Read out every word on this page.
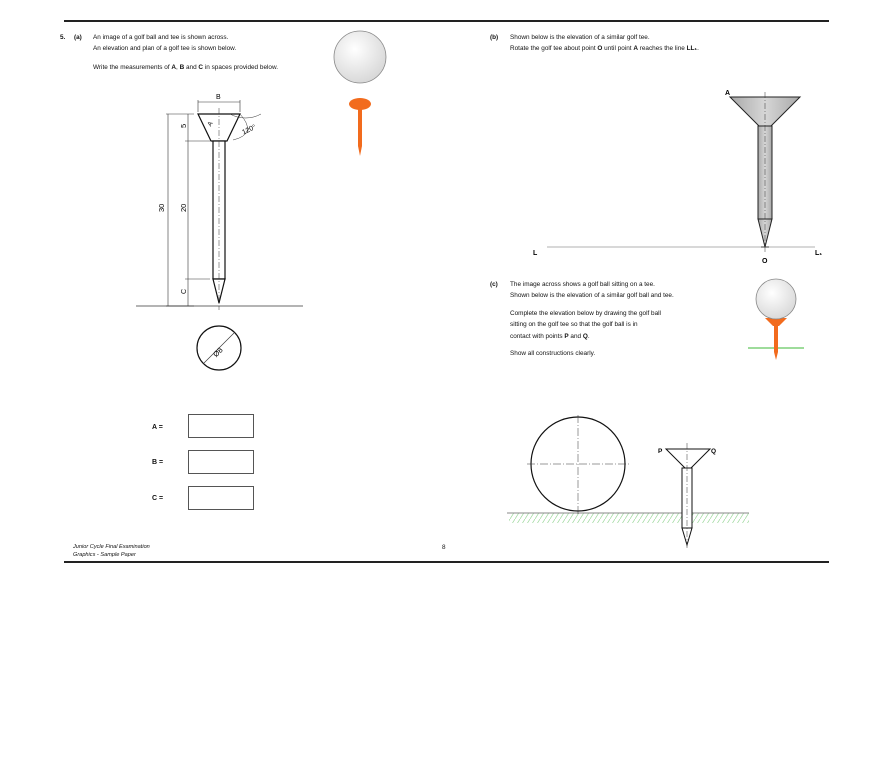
5. (a) An image of a golf ball and tee is shown across.
An elevation and plan of a golf tee is shown below.
Write the measurements of A, B and C in spaces provided below.
B
A	120°
30
5
20
C
Ø8
A =
B =
C =
(b) Shown below is the elevation of a similar golf tee.
Rotate the golf tee about point O until point A reaches the line LL₁.
L	L₁
A
O
(c) The image across shows a golf ball sitting on a tee.
Shown below is the elevation of a similar golf ball and tee.
Complete the elevation below by drawing the golf ball
sitting on the golf tee so that the golf ball is in
contact with points P and Q.
Show all constructions clearly.
P	Q
Junior Cycle Final Examination
Graphics - Sample Paper
8
